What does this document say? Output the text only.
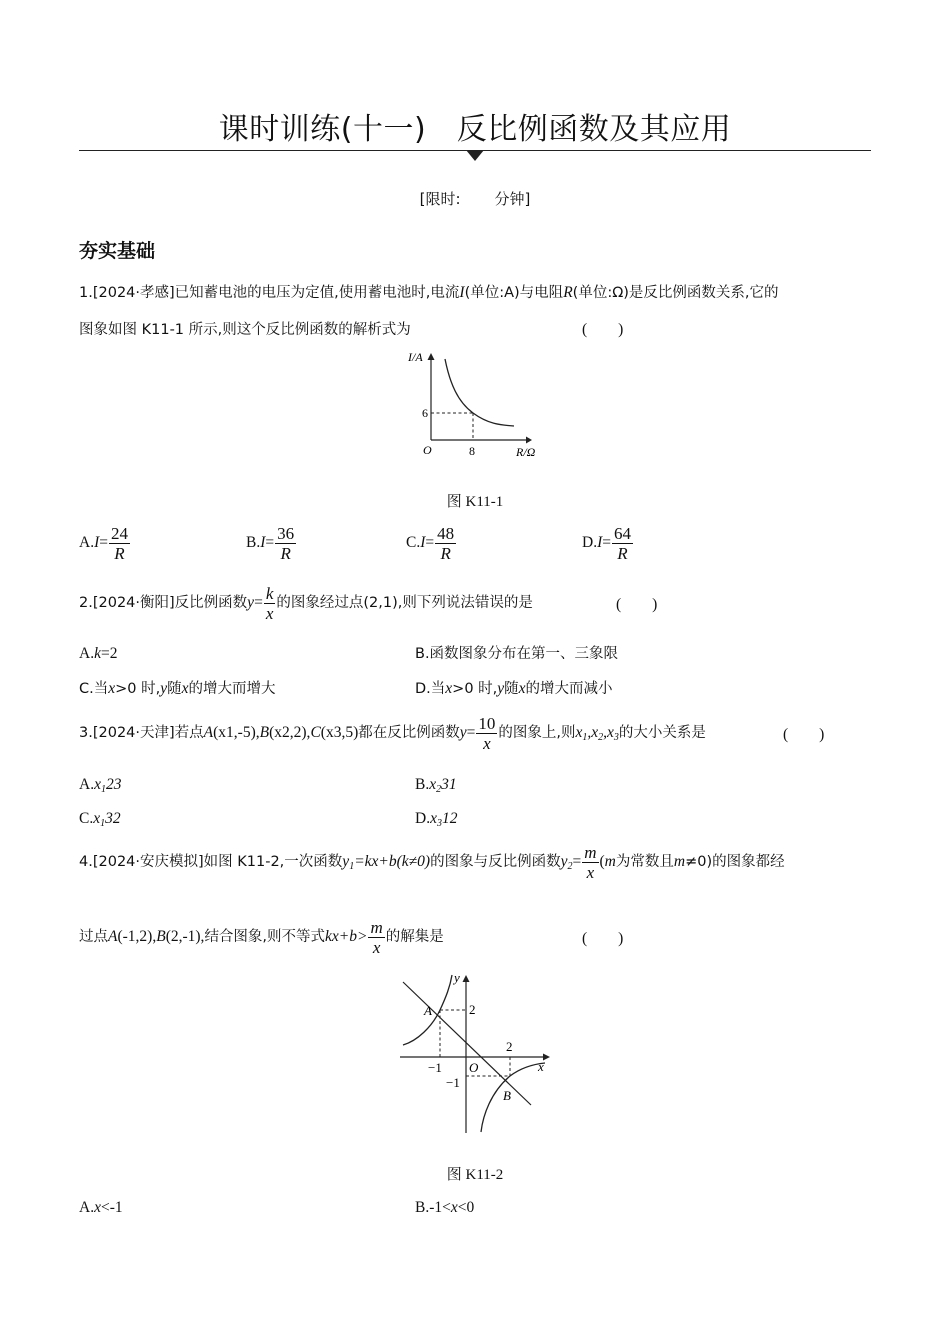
课时训练(十一)　反比例函数及其应用
[限时: 分钟]
夯实基础
1.[2024·孝感]已知蓄电池的电压为定值,使用蓄电池时,电流I(单位:A)与电阻R(单位:Ω)是反比例函数关系,它的
图象如图 K11-1 所示,则这个反比例函数的解析式为	(　　)
I/A
R/Ω
O	8
6
图 K11-1
$A.I= \frac{24}{R}$	$B.I= \frac{36}{R}$	$C.I= \frac{48}{R}$	$D.I= \frac{64}{R}$
2.[2024·衡阳]反比例函数$y= \frac{k}{x}$ 的图象经过点(2,1),则下列说法错误的是	(　　)
A.k=2	B.函数图象分布在第一、三象限
C.当x>0 时,y随x的增大而增大	D.当x>0 时,y随x的增大而减小
3.[2024·天津]若点A(x1,-5),B(x2,2),C(x3,5)都在反比例函数$y= \frac{10}{x}$ 的图象上,则$x_1,x_2,x_3$的大小关系是	(　　)
$A.x_123$	$B.x_231$
$C.x_132$	$D.x_312$
4.[2024·安庆模拟]如图 K11-2,一次函数$y_1=kx+b(k\ne 0)$的图象与反比例函数$y_2= \frac{m}{x} (m$为常数且m≠0)的图象都经
过点A(-1,2),B(2,-1),结合图象,则不等式$kx+b> \frac{m}{x}$ 的解集是	(　　)
y
x
O
A
B
2
−1
2
−1
图 K11-2
A.x<-1	B.-1<x<0
